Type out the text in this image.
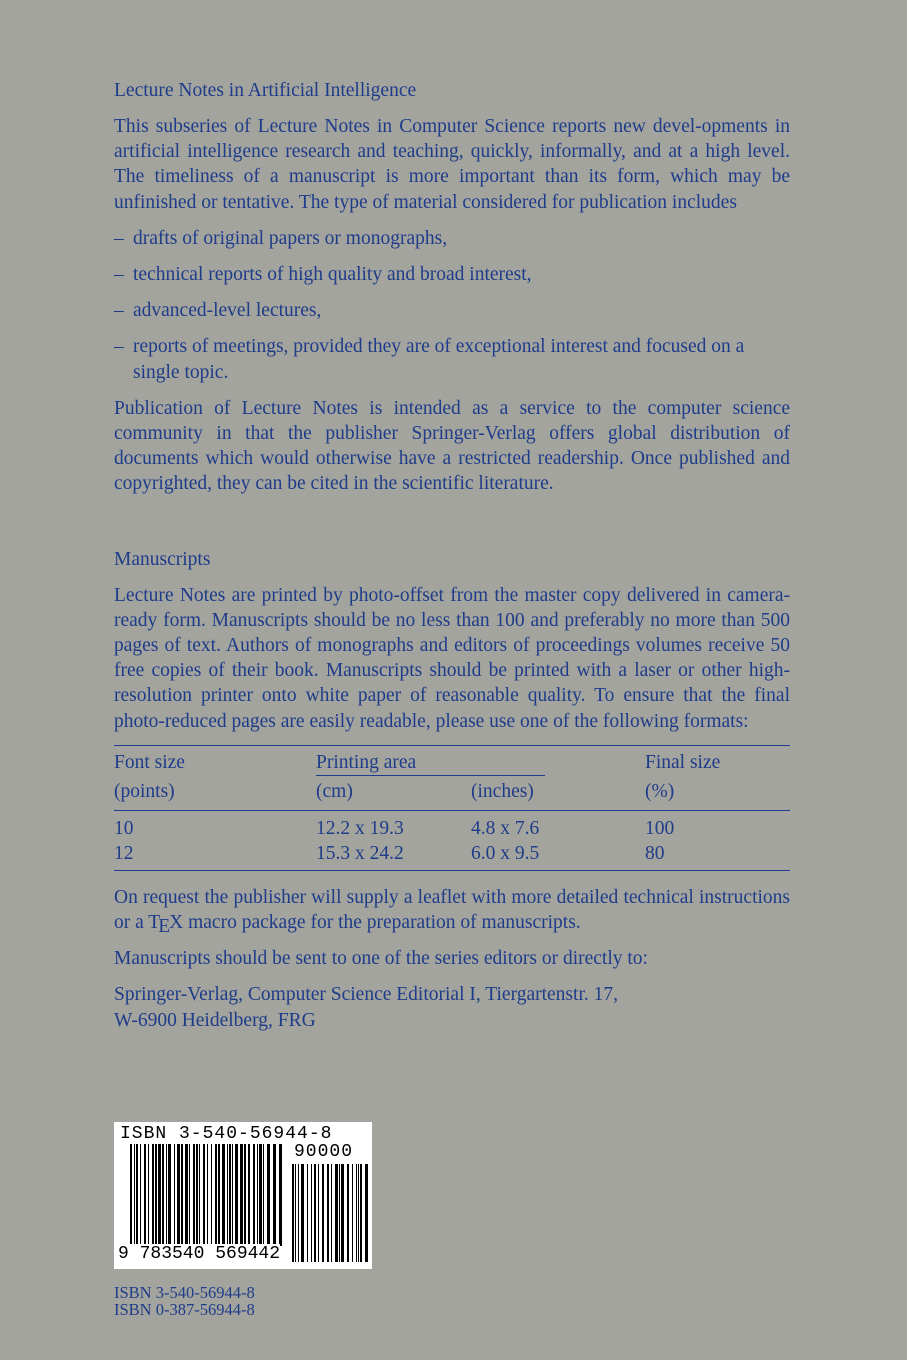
Lecture Notes in Artificial Intelligence

This subseries of Lecture Notes in Computer Science reports new devel-opments in artificial intelligence research and teaching, quickly, informally, and at a high level. The timeliness of a manuscript is more important than its form, which may be unfinished or tentative. The type of material considered for publication includes

– drafts of original papers or monographs,
– technical reports of high quality and broad interest,
– advanced-level lectures,
– reports of meetings, provided they are of exceptional interest and focused on a single topic.

Publication of Lecture Notes is intended as a service to the computer science community in that the publisher Springer-Verlag offers global distribution of documents which would otherwise have a restricted readership. Once published and copyrighted, they can be cited in the scientific literature.

Manuscripts

Lecture Notes are printed by photo-offset from the master copy delivered in camera-ready form. Manuscripts should be no less than 100 and preferably no more than 500 pages of text. Authors of monographs and editors of proceedings volumes receive 50 free copies of their book. Manuscripts should be printed with a laser or other high-resolution printer onto white paper of reasonable quality. To ensure that the final photo-reduced pages are easily readable, please use one of the following formats:

Font size	Printing area			Final size
(points)	(cm)	(inches)		(%)
10	12.2 x 19.3	4.8 x 7.6		100
12	15.3 x 24.2	6.0 x 9.5		80

On request the publisher will supply a leaflet with more detailed technical instructions or a TEX macro package for the preparation of manuscripts.

Manuscripts should be sent to one of the series editors or directly to:

Springer-Verlag, Computer Science Editorial I, Tiergartenstr. 17,
W-6900 Heidelberg, FRG
ISBN 3-540-56944-8
90000
9 783540 569442
ISBN 3-540-56944-8
ISBN 0-387-56944-8
